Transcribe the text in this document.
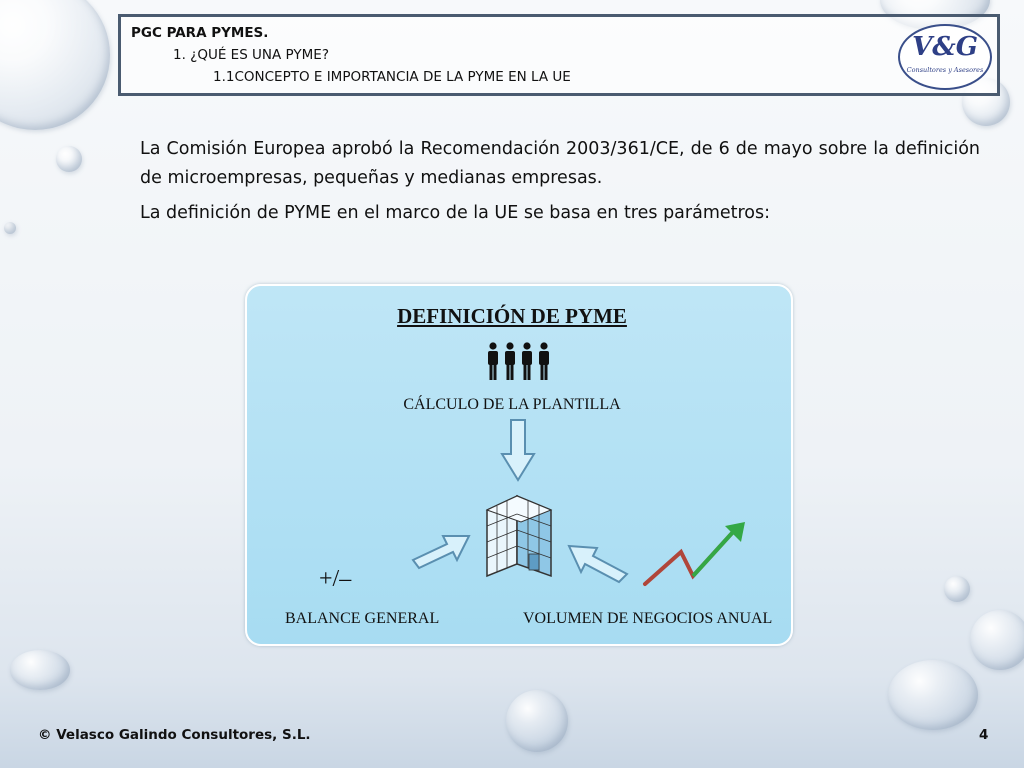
PGC PARA PYMES.
1. ¿QUÉ ES UNA PYME?
1.1CONCEPTO E IMPORTANCIA DE LA PYME EN LA UE
V&G
Consultores y Asesores
La Comisión Europea aprobó la Recomendación 2003/361/CE, de 6 de mayo sobre la definición de microempresas, pequeñas y medianas empresas.
La definición de PYME en el marco de la UE se basa en tres parámetros:
DEFINICIÓN DE PYME
CÁLCULO DE LA PLANTILLA
+/–
BALANCE GENERAL	VOLUMEN DE NEGOCIOS ANUAL
© Velasco Galindo Consultores, S.L.	4
